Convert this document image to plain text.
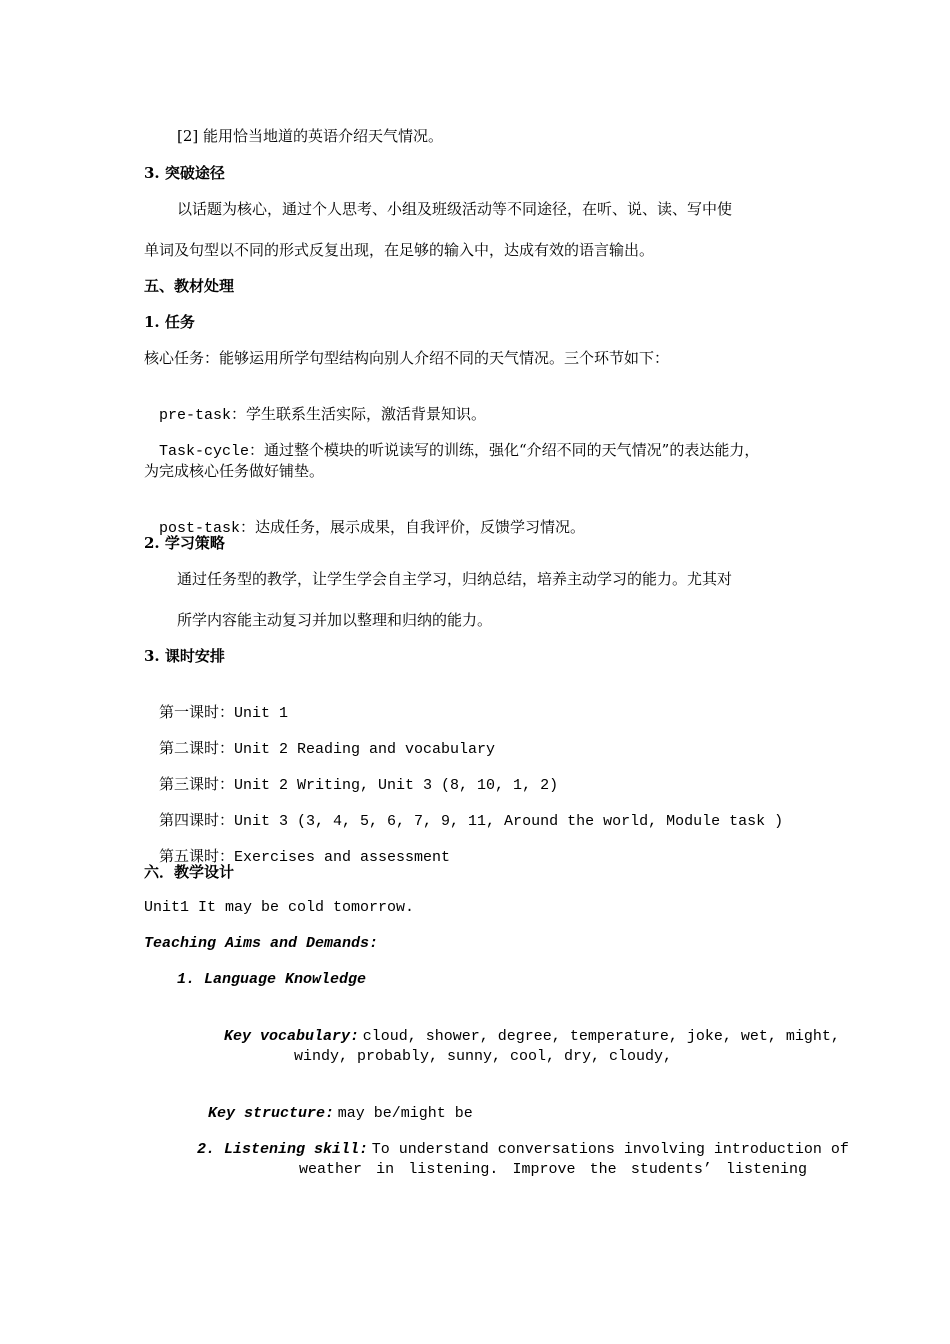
[2] 能用恰当地道的英语介绍天气情况。
3. 突破途径
以话题为核心，通过个人思考、小组及班级活动等不同途径，在听、说、读、写中使
单词及句型以不同的形式反复出现，在足够的输入中，达成有效的语言输出。
五、教材处理
1. 任务
核心任务：能够运用所学句型结构向别人介绍不同的天气情况。三个环节如下：

pre-task：学生联系生活实际，激活背景知识。

Task-cycle：通过整个模块的听说读写的训练，强化“介绍不同的天气情况”的表达能力，

为完成核心任务做好铺垫。

post-task：达成任务，展示成果，自我评价，反馈学习情况。

2. 学习策略
通过任务型的教学，让学生学会自主学习，归纳总结，培养主动学习的能力。尤其对
所学内容能主动复习并加以整理和归纳的能力。
3. 课时安排

第一课时：Unit 1

第二课时：Unit 2 Reading and vocabulary

第三课时：Unit 2 Writing, Unit 3 (8, 10, 1, 2)

第四课时：Unit 3 (3, 4, 5, 6, 7, 9, 11, Around the world, Module task )

第五课时：Exercises and assessment

六．教学设计
Unit1 It may be cold tomorrow.
Teaching Aims and Demands:
1. Language Knowledge

Key vocabulary: cloud, shower, degree, temperature, joke, wet, might,

windy, probably, sunny, cool, dry, cloudy,

Key structure: may be/might be

2. Listening skill: To understand conversations involving introduction of

weather in listening. Improve the students’ listening
